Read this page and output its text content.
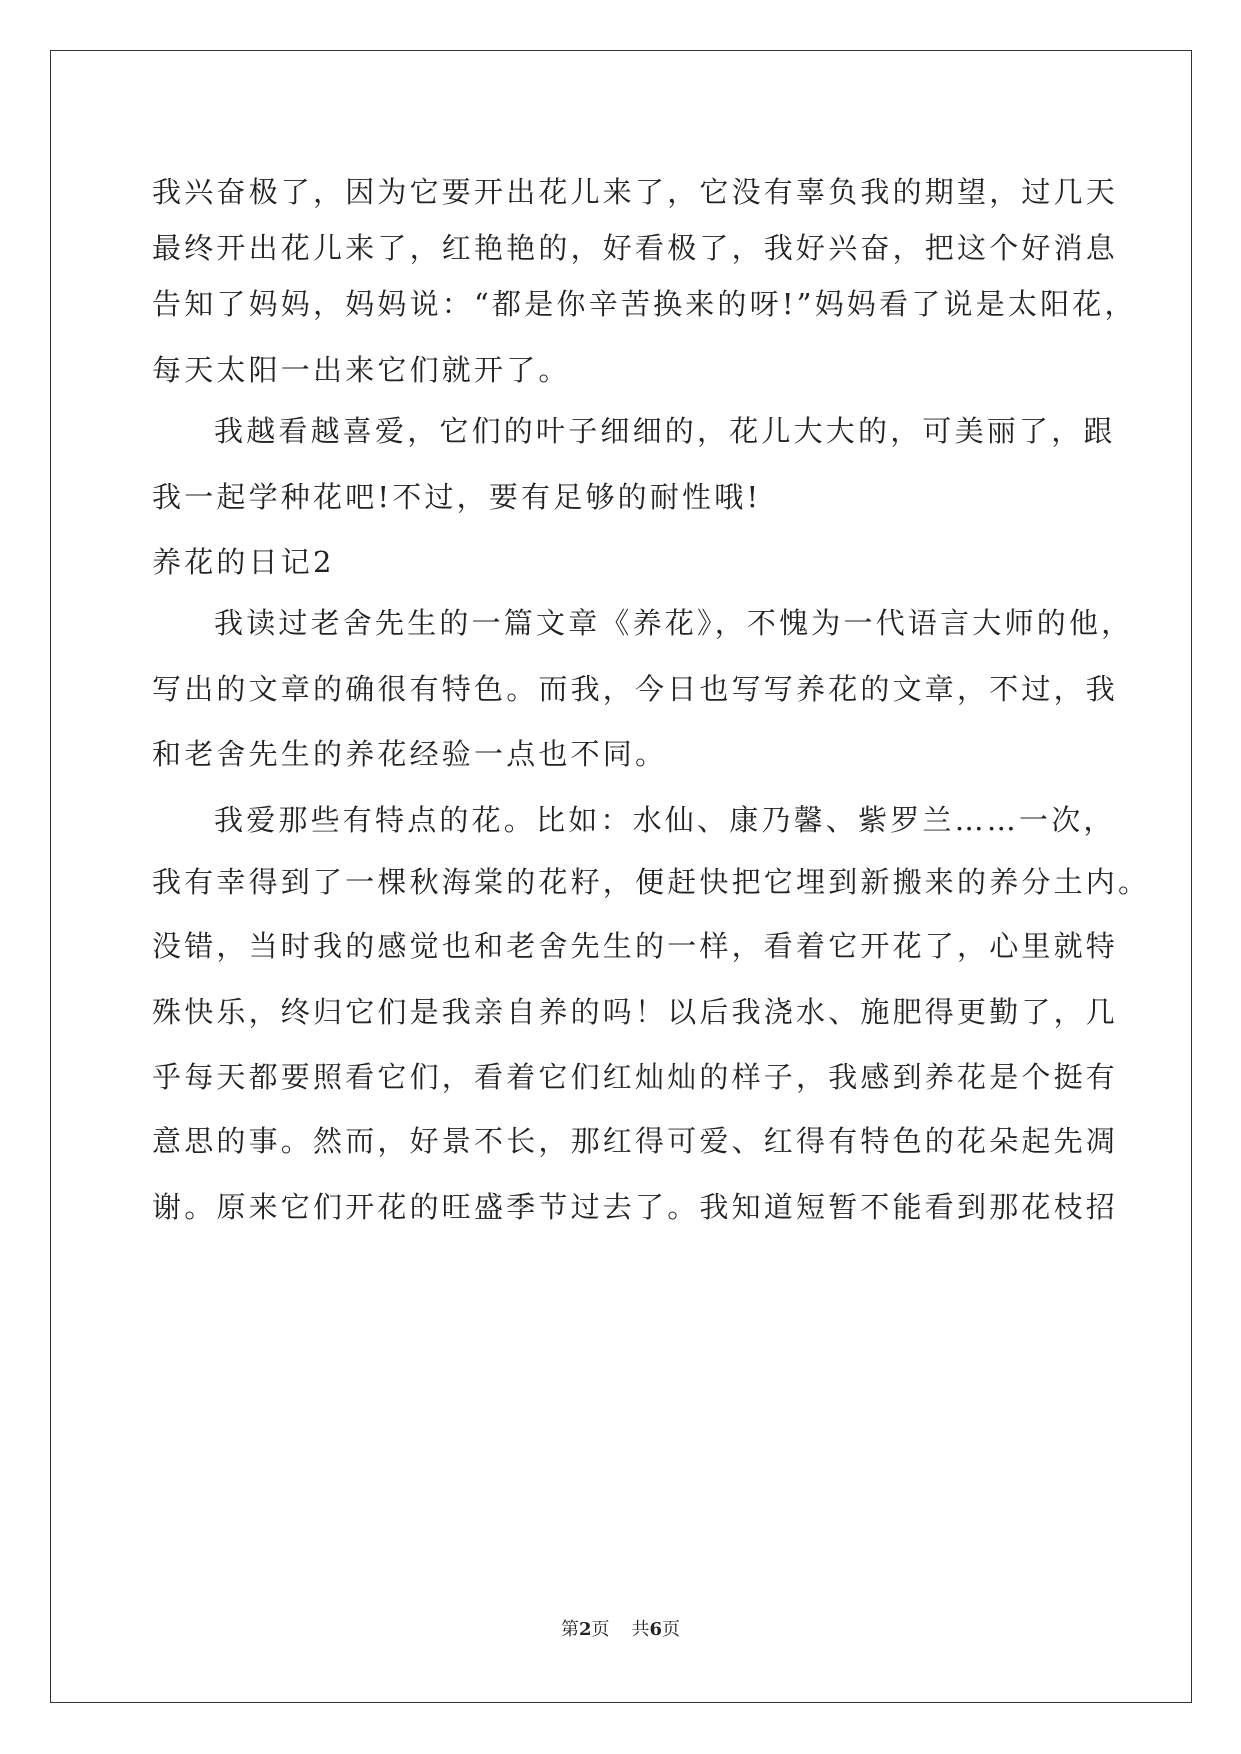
我兴奋极了，因为它要开出花儿来了，它没有辜负我的期望，过几天
最终开出花儿来了，红艳艳的，好看极了，我好兴奋，把这个好消息
告知了妈妈，妈妈说：“都是你辛苦换来的呀!”妈妈看了说是太阳花，
每天太阳一出来它们就开了。
我越看越喜爱，它们的叶子细细的，花儿大大的，可美丽了，跟
我一起学种花吧!不过，要有足够的耐性哦!
养花的日记2
我读过老舍先生的一篇文章《养花》，不愧为一代语言大师的他，
写出的文章的确很有特色。而我，今日也写写养花的文章，不过，我
和老舍先生的养花经验一点也不同。
我爱那些有特点的花。比如：水仙、康乃馨、紫罗兰……一次，
我有幸得到了一棵秋海棠的花籽，便赶快把它埋到新搬来的养分土内。
没错，当时我的感觉也和老舍先生的一样，看着它开花了，心里就特
殊快乐，终归它们是我亲自养的吗！以后我浇水、施肥得更勤了，几
乎每天都要照看它们，看着它们红灿灿的样子，我感到养花是个挺有
意思的事。然而，好景不长，那红得可爱、红得有特色的花朵起先凋
谢。原来它们开花的旺盛季节过去了。我知道短暂不能看到那花枝招
第2页 共6页
